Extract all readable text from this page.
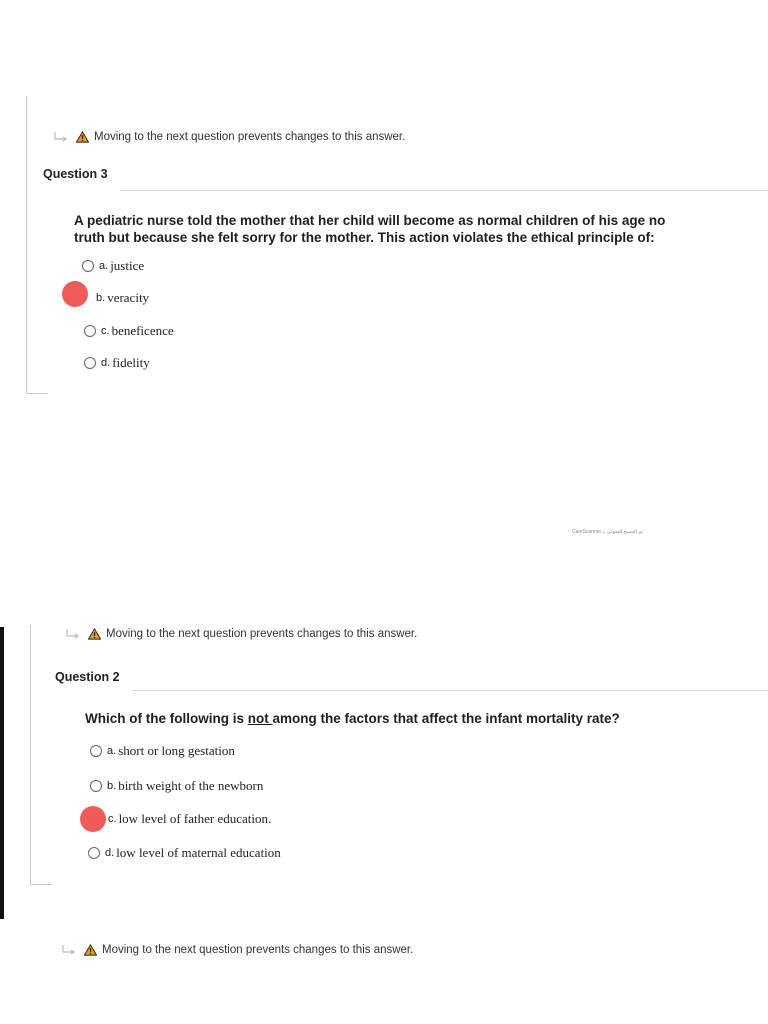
Moving to the next question prevents changes to this answer.
Question 3
A pediatric nurse told the mother that her child will become as normal children of his age no
truth but because she felt sorry for the mother. This action violates the ethical principle of:
a. justice
b. veracity
c. beneficence
d. fidelity
CamScanner تم المسح الضوئي بـ
Moving to the next question prevents changes to this answer.
Question 2
Which of the following is not among the factors that affect the infant mortality rate?
a. short or long gestation
b. birth weight of the newborn
c. low level of father education.
d. low level of maternal education
Moving to the next question prevents changes to this answer.
